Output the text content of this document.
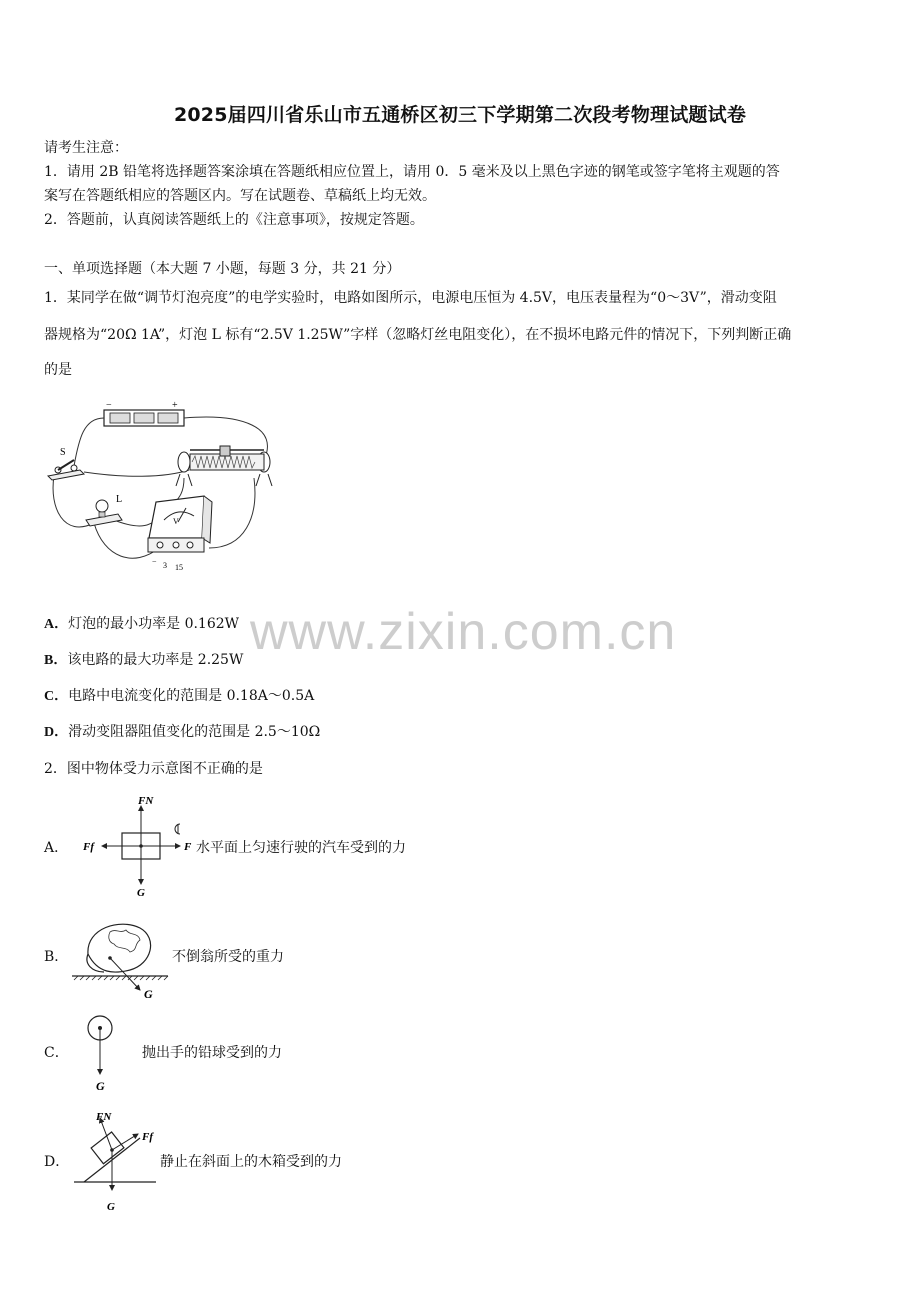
2025届四川省乐山市五通桥区初三下学期第二次段考物理试题试卷
请考生注意：
1．请用 2B 铅笔将选择题答案涂填在答题纸相应位置上，请用 0．5 毫米及以上黑色字迹的钢笔或签字笔将主观题的答
案写在答题纸相应的答题区内。写在试题卷、草稿纸上均无效。
2．答题前，认真阅读答题纸上的《注意事项》，按规定答题。
一、单项选择题（本大题 7 小题，每题 3 分，共 21 分）
1．某同学在做“调节灯泡亮度”的电学实验时，电路如图所示，电源电压恒为 4.5V，电压表量程为“0～3V”，滑动变阻
器规格为“20Ω 1A”，灯泡 L 标有“2.5V 1.25W”字样（忽略灯丝电阻变化），在不损坏电路元件的情况下，下列判断正确
的是
−	+
S
L
V
− 3 15
www.zixin.com.cn
A．灯泡的最小功率是 0.162W
B．该电路的最大功率是 2.25W
C．电路中电流变化的范围是 0.18A～0.5A
D．滑动变阻器阻值变化的范围是 2.5～10Ω
2．图中物体受力示意图不正确的是
A．
FN
Ff	F
G
水平面上匀速行驶的汽车受到的力
B．
G
不倒翁所受的重力
C．
G
抛出手的铅球受到的力
D．
FN
Ff
G
静止在斜面上的木箱受到的力
